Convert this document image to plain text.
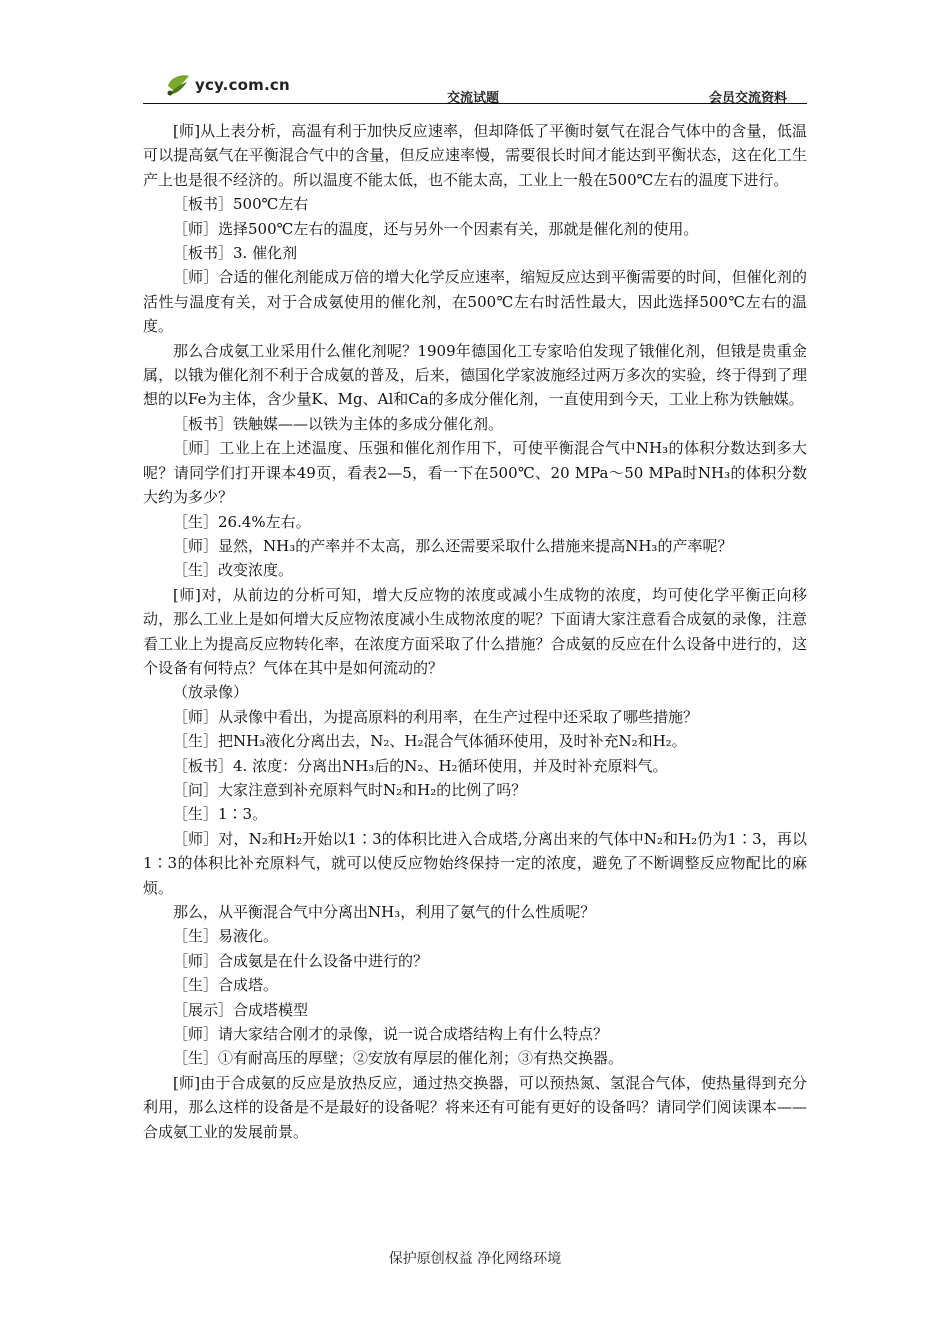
ycy.com.cn
交流试题	会员交流资料

[师]从上表分析，高温有利于加快反应速率，但却降低了平衡时氨气在混合气体中的含量，低温可以提高氨气在平衡混合气中的含量，但反应速率慢，需要很长时间才能达到平衡状态，这在化工生产上也是很不经济的。所以温度不能太低，也不能太高，工业上一般在500℃左右的温度下进行。

［板书］500℃左右

［师］选择500℃左右的温度，还与另外一个因素有关，那就是催化剂的使用。

［板书］3. 催化剂

［师］合适的催化剂能成万倍的增大化学反应速率，缩短反应达到平衡需要的时间，但催化剂的活性与温度有关，对于合成氨使用的催化剂，在500℃左右时活性最大，因此选择500℃左右的温度。

那么合成氨工业采用什么催化剂呢？1909年德国化工专家哈伯发现了锇催化剂，但锇是贵重金属，以锇为催化剂不利于合成氨的普及，后来，德国化学家波施经过两万多次的实验，终于得到了理想的以Fe为主体，含少量K、Mg、Al和Ca的多成分催化剂，一直使用到今天，工业上称为铁触媒。

［板书］铁触媒——以铁为主体的多成分催化剂。

［师］工业上在上述温度、压强和催化剂作用下，可使平衡混合气中NH₃的体积分数达到多大呢？请同学们打开课本49页，看表2—5，看一下在500℃、20 MPa～50 MPa时NH₃的体积分数大约为多少？

［生］26.4%左右。

［师］显然，NH₃的产率并不太高，那么还需要采取什么措施来提高NH₃的产率呢？

［生］改变浓度。

[师]对，从前边的分析可知，增大反应物的浓度或减小生成物的浓度，均可使化学平衡正向移动，那么工业上是如何增大反应物浓度减小生成物浓度的呢？下面请大家注意看合成氨的录像，注意看工业上为提高反应物转化率，在浓度方面采取了什么措施？合成氨的反应在什么设备中进行的，这个设备有何特点？气体在其中是如何流动的？

（放录像）

［师］从录像中看出，为提高原料的利用率，在生产过程中还采取了哪些措施？

［生］把NH₃液化分离出去，N₂、H₂混合气体循环使用，及时补充N₂和H₂。

［板书］4. 浓度：分离出NH₃后的N₂、H₂循环使用，并及时补充原料气。

［问］大家注意到补充原料气时N₂和H₂的比例了吗？

［生］1∶3。

［师］对，N₂和H₂开始以1∶3的体积比进入合成塔,分离出来的气体中N₂和H₂仍为1∶3，再以1∶3的体积比补充原料气，就可以使反应物始终保持一定的浓度，避免了不断调整反应物配比的麻烦。

那么，从平衡混合气中分离出NH₃，利用了氨气的什么性质呢？

［生］易液化。

［师］合成氨是在什么设备中进行的？

［生］合成塔。

［展示］合成塔模型

［师］请大家结合刚才的录像，说一说合成塔结构上有什么特点？

［生］①有耐高压的厚壁；②安放有厚层的催化剂；③有热交换器。

[师]由于合成氨的反应是放热反应，通过热交换器，可以预热氮、氢混合气体，使热量得到充分利用，那么这样的设备是不是最好的设备呢？将来还有可能有更好的设备吗？请同学们阅读课本——合成氨工业的发展前景。

保护原创权益 净化网络环境
